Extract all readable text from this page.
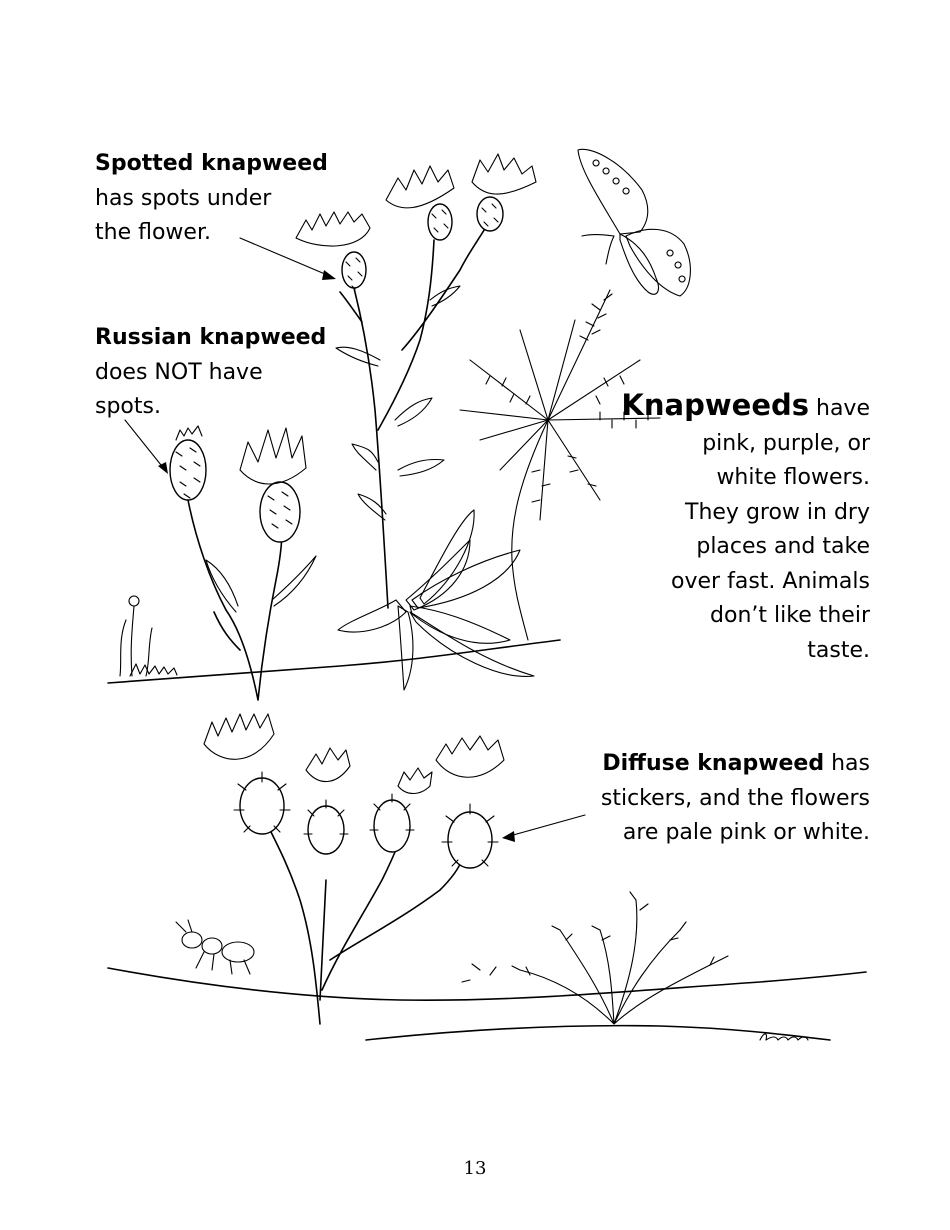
Spotted knapweed
has spots under
the flower.
Russian knapweed
does NOT have
spots.	Knapweeds have
pink, purple, or
white flowers.
They grow in dry
places and take
over fast. Animals
don’t like their
taste.
Diffuse knapweed has
stickers, and the flowers
are pale pink or white.
13
